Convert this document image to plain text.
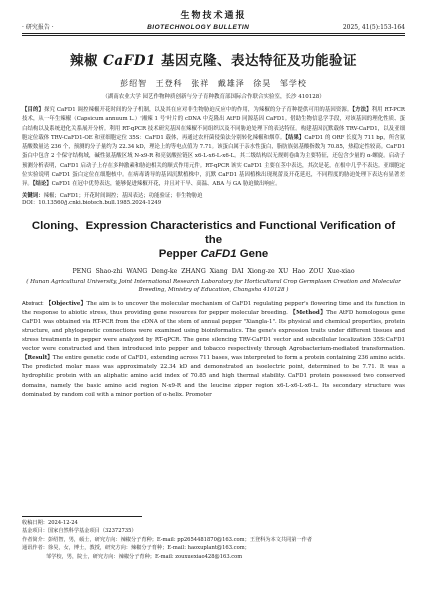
生物技术通报
· 研究报告 ·	BIOTECHNOLOGY BULLETIN	2025, 41(5):153-164
辣椒 CaFD1 基因克隆、表达特征及功能验证
彭绍智 王登科 张祥 戴雄泽 徐昊 邹学校
（湖南农业大学 园艺作物种质创新与分子育种教育部国际合作联合实验室，长沙 410128）
【目的】探究 CaFD1 调控辣椒开花时间的分子机制，以及其在应对非生物胁迫反应中的作用，为辣椒的分子育种提供可用的基因资源。【方法】利用 RT-PCR 技术，从一年生辣椒（Capsicum annuum L.）'湘辣 1 号'叶片的 cDNA 中克隆出 AtFD 同源基因 CaFD1。借助生物信息学手段，对该基因的理化性质、蛋白结构以及系统进化关系展开分析。利用 RT-qPCR 技术研究基因在辣椒不同组织以及不同胁迫处理下的表达特征。构建基因沉默载体 TRV-CaFD1，以及亚细胞定位载体 TRV-CaFD1-OE 和亚细胞定位 35S：CaFD1 载体，再通过农杆菌侵染法分别转化辣椒和烟草。【结果】CaFD1 的 ORF 长度为 711 bp，所含氨基酸数量达 236 个，预测的分子量约为 22.34 kD，理论上的等电点值为 7.71。该蛋白属于亲水性蛋白，脂肪族氨基酸指数为 70.85，热稳定性较高。CaFD1 蛋白中包含 2 个保守结构域，碱性氨基酸区域 N-x9-R 和亮氨酸拉链区 x6-L-x6-L-x6-L。其二级结构以无规则卷曲为主要特征，还包含少量的 α-螺旋。启动子预测分析表明，CaFD1 启动子上存在多种激素和胁迫相关的顺式作用元件。RT-qPCR 该实 CaFD1 主要在茎中表达，其次是花，在根中几乎不表达。亚细胞定位实验说明 CaFD1 蛋白定位在细胞核中。在病毒诱导的基因沉默植株中，沉默 CaFD1 基因植株出现现蕾及开花延迟，不同程度的胁迫处理下表达有显著差异。【结论】CaFD1 在冠中优势表达，能够促进辣椒开花，并且对干旱、高温、ABA 与 GA 胁迫做出响应。
关键词：辣椒；CaFD1；开花时间调控；基因表达；功能验证；非生物胁迫
DOI：10.13560/j.cnki.biotech.bull.1985.2024-1249
Cloning、Expression Characteristics and Functional Verification of the
Pepper CaFD1 Gene
PENG Shao-zhi WANG Deng-ke ZHANG Xiang DAI Xiong-ze XU Hao ZOU Xue-xiao
( Hunan Agricultural University, Joint International Research Laboratory for Horticultural Crop Germplasm Creation and Molecular Breeding, Ministry of Education, Changsha 410128 )
Abstract: 【Objective】The aim is to uncover the molecular mechanism of CaFD1 regulating pepper's flowering time and its function in the response to abiotic stress, thus providing gene resources for pepper molecular breeding. 【Method】The AtFD homologous gene CaFD1 was obtained via RT-PCR from the cDNA of the stem of annual pepper "Xiangla-1". Its physical and chemical properties, protein structure, and phylogenetic connections were examined using bioinformatics. The gene's expression traits under different tissues and stress treatments in pepper were analyzed by RT-qPCR. The gene silencing TRV-CaFD1 vector and subcellular localization 35S:CaFD1 vector were constructed and then introduced into pepper and tobacco respectively through Agrobacterium-mediated transformation. 【Result】The entire genetic code of CaFD1, extending across 711 bases, was interpreted to form a protein containing 236 amino acids. The predicted molar mass was approximately 22.34 kD and demonstrated an isoelectric point, determined to be 7.71. It was a hydrophilic protein with an aliphatic amino acid index of 70.85 and high thermal stability. CaFD1 protein possessed two conserved domains, namely the basic amino acid region N-x9-R and the leucine zipper region x6-L-x6-L-x6-L. Its secondary structure was dominated by random coil with a minor portion of α-helix. Promoter
收稿日期：2024-12-24
基金项目：国家自然科学基金项目（32372735）
作者简介：彭绍智，男，硕士，研究方向：辣椒分子育种；E-mail: pp2654481870@163.com；王登科为本文共同第一作者
通讯作者：徐昊，女，博士，教授，研究方向：辣椒分子育种；E-mail: haoxuplant@163.com；
邹学校，男，院士，研究方向：辣椒分子育种；E-mail: zouxuexiao428@163.com
